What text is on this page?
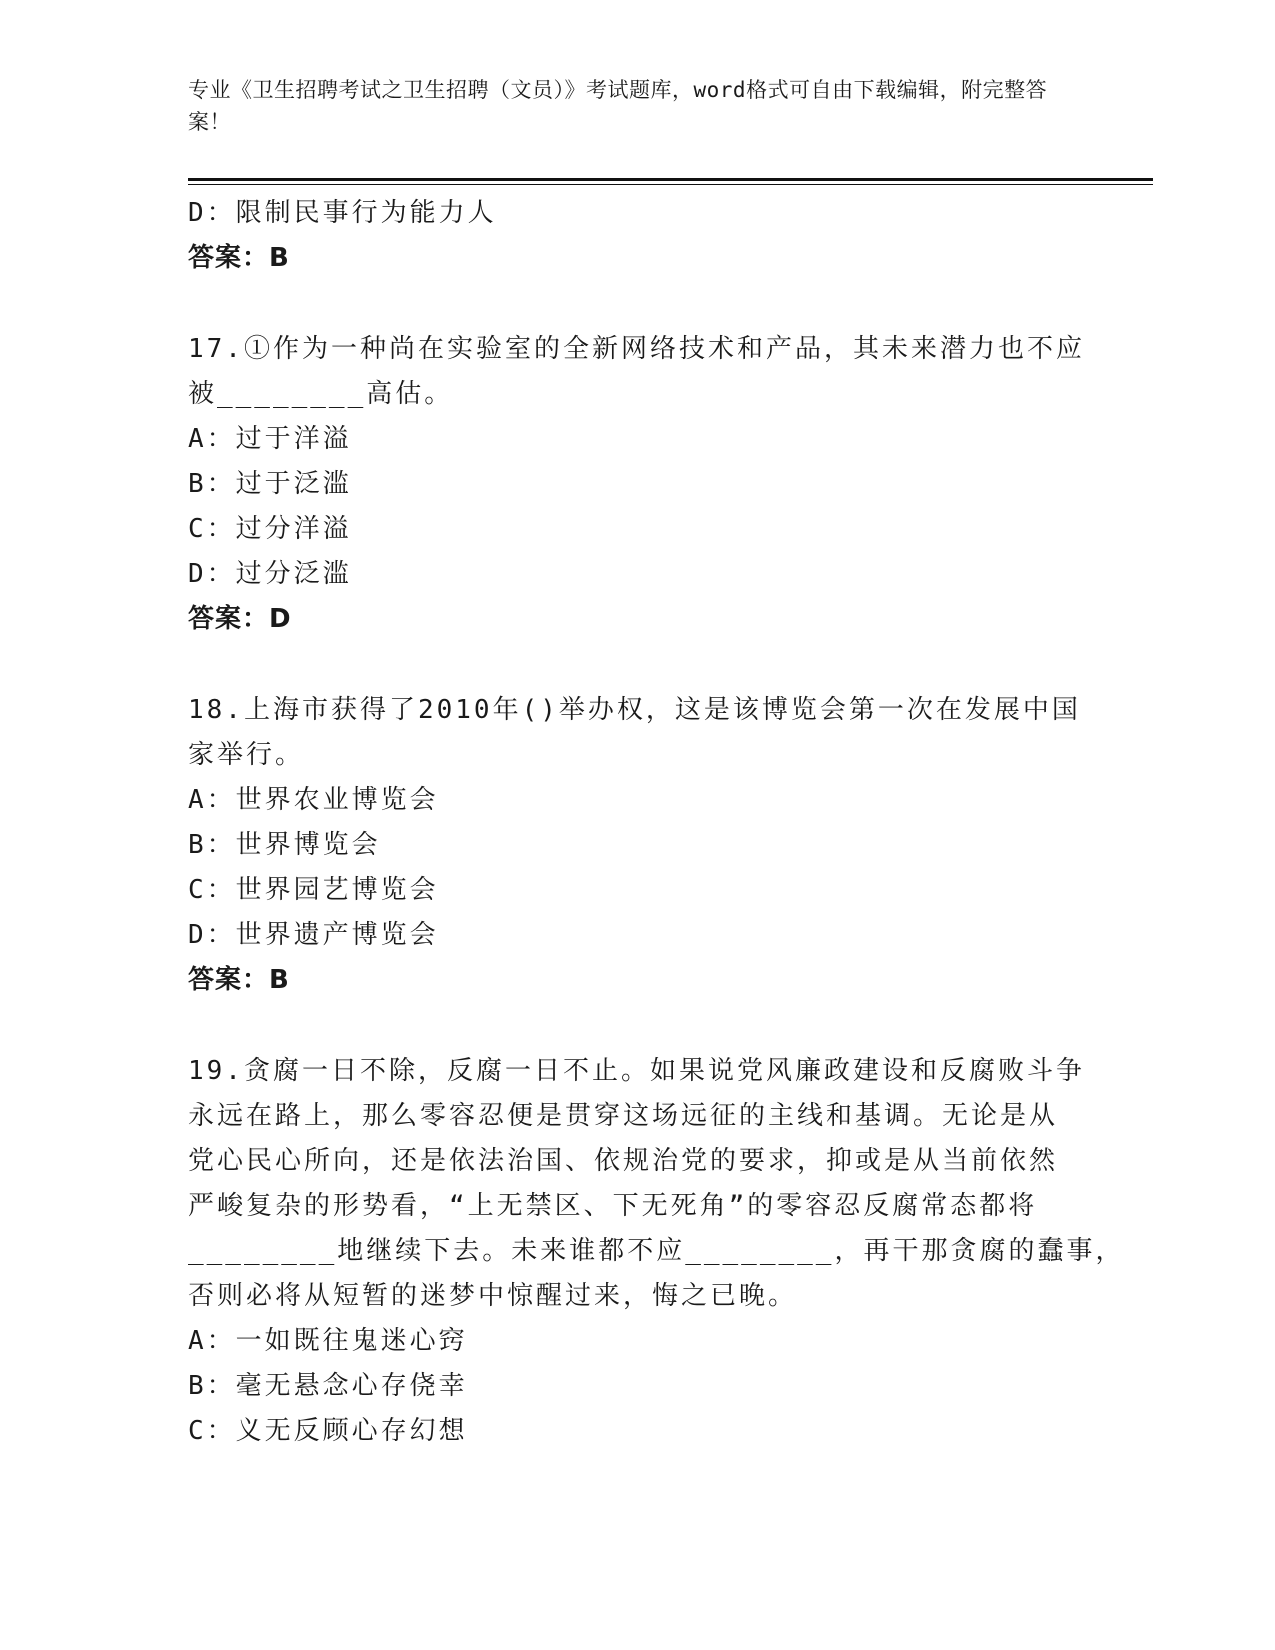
专业《卫生招聘考试之卫生招聘（文员）》考试题库，word格式可自由下载编辑，附完整答案！
D：限制民事行为能力人
答案：B
17.①作为一种尚在实验室的全新网络技术和产品，其未来潜力也不应
被________高估。
A：过于洋溢
B：过于泛滥
C：过分洋溢
D：过分泛滥
答案：D
18.上海市获得了2010年()举办权，这是该博览会第一次在发展中国
家举行。
A：世界农业博览会
B：世界博览会
C：世界园艺博览会
D：世界遗产博览会
答案：B
19.贪腐一日不除，反腐一日不止。如果说党风廉政建设和反腐败斗争
永远在路上，那么零容忍便是贯穿这场远征的主线和基调。无论是从
党心民心所向，还是依法治国、依规治党的要求，抑或是从当前依然
严峻复杂的形势看，“上无禁区、下无死角”的零容忍反腐常态都将
________地继续下去。未来谁都不应________，再干那贪腐的蠢事，
否则必将从短暂的迷梦中惊醒过来，悔之已晚。
A：一如既往鬼迷心窍
B：毫无悬念心存侥幸
C：义无反顾心存幻想
